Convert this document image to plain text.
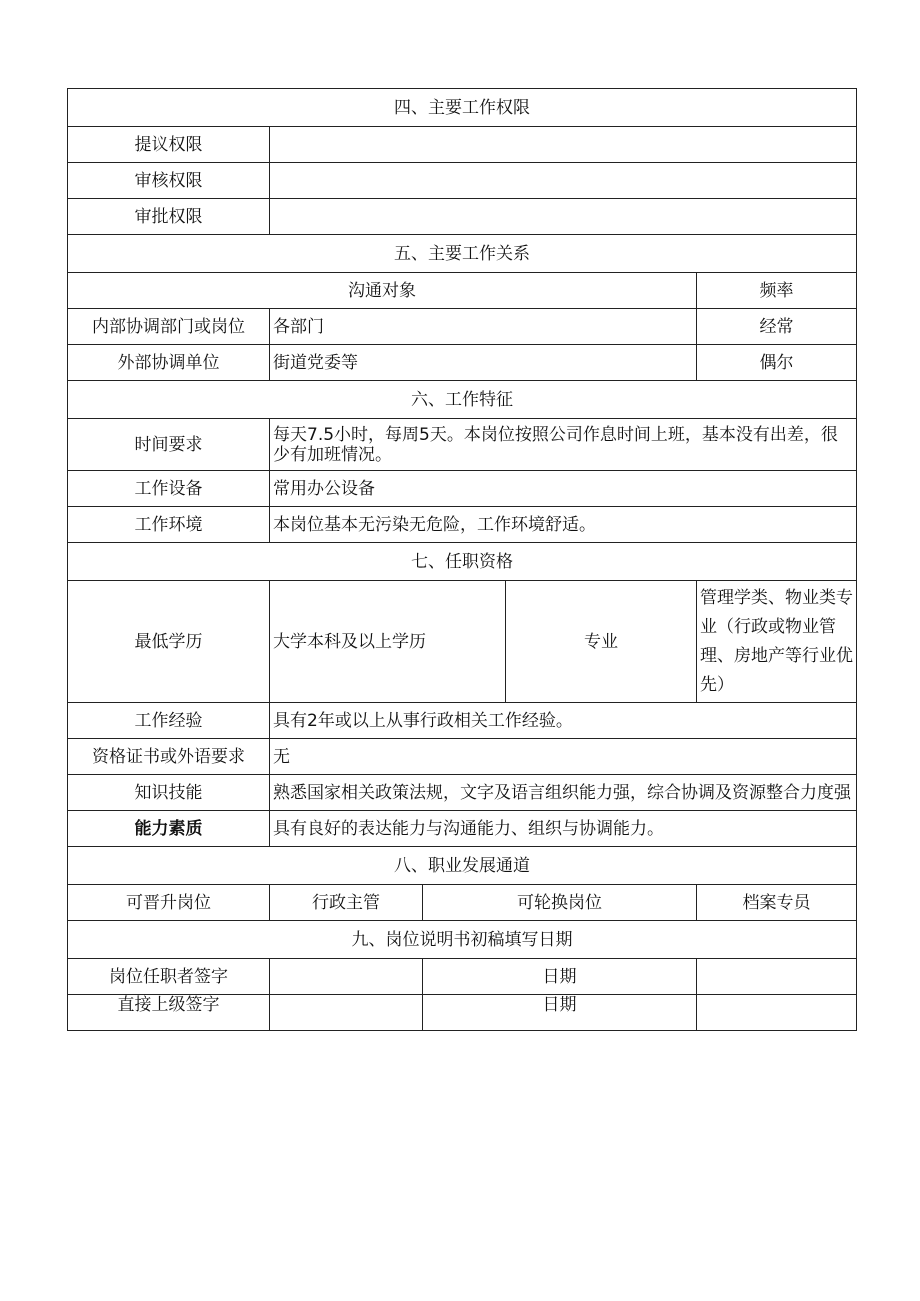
四、主要工作权限				
提议权限				
审核权限				
审批权限				
五、主要工作关系				
沟通对象				频率
内部协调部门或岗位	各部门			经常
外部协调单位	街道党委等			偶尔
六、工作特征				
时间要求	每天7.5小时，每周5天。本岗位按照公司作息时间上班，基本没有出差，很少有加班情况。			
工作设备	常用办公设备			
工作环境	本岗位基本无污染无危险，工作环境舒适。			
七、任职资格				
最低学历	大学本科及以上学历		专业	管理学类、物业类专业（行政或物业管理、房地产等行业优先）
工作经验	具有2年或以上从事行政相关工作经验。			
资格证书或外语要求	无			
知识技能	熟悉国家相关政策法规，文字及语言组织能力强，综合协调及资源整合力度强			
能力素质	具有良好的表达能力与沟通能力、组织与协调能力。			
八、职业发展通道				
可晋升岗位	行政主管	可轮换岗位		档案专员
九、岗位说明书初稿填写日期				
岗位任职者签字		日期		
直接上级签字		日期		
